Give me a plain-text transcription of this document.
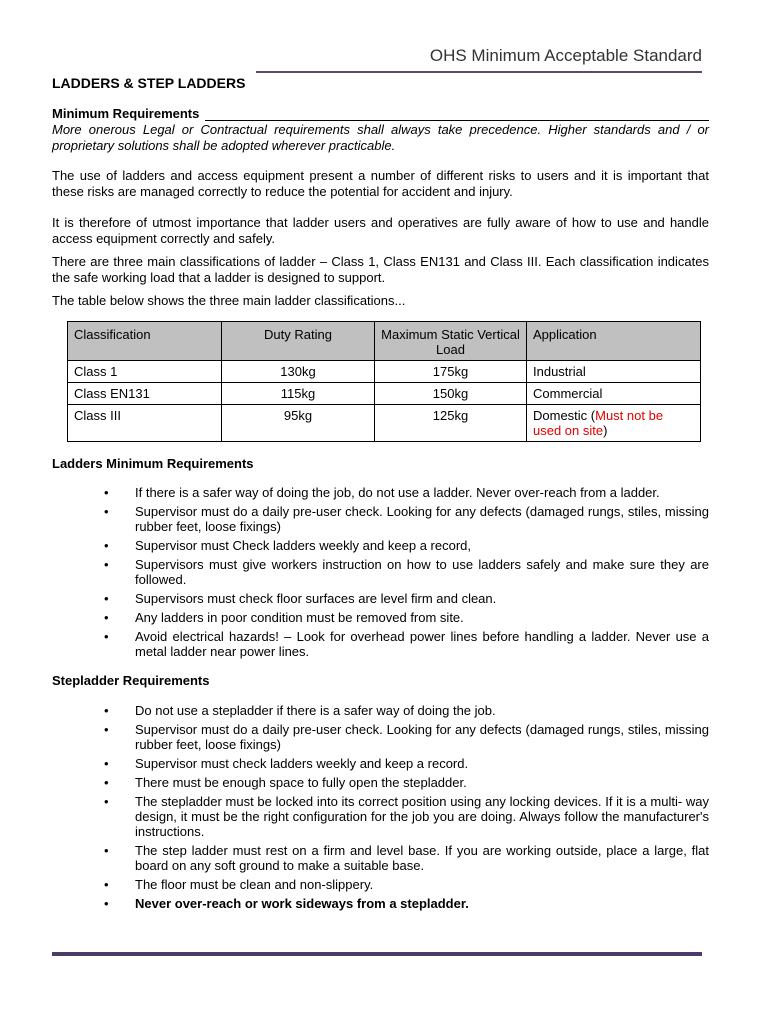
OHS Minimum Acceptable Standard
LADDERS & STEP LADDERS
Minimum Requirements

More onerous Legal or Contractual requirements shall always take precedence. Higher standards and / or proprietary solutions shall be adopted wherever practicable.

The use of ladders and access equipment present a number of different risks to users and it is important that these risks are managed correctly to reduce the potential for accident and injury.

It is therefore of utmost importance that ladder users and operatives are fully aware of how to use and handle access equipment correctly and safely.

There are three main classifications of ladder – Class 1, Class EN131 and Class III. Each classification indicates the safe working load that a ladder is designed to support.

The table below shows the three main ladder classifications...

Classification	Duty Rating	Maximum Static Vertical Load	Application
Class 1	130kg	175kg	Industrial
Class EN131	115kg	150kg	Commercial
Class III	95kg	125kg	Domestic (Must not be used on site)
Ladders Minimum Requirements
• If there is a safer way of doing the job, do not use a ladder. Never over-reach from a ladder.
• Supervisor must do a daily pre-user check. Looking for any defects (damaged rungs, stiles, missing rubber feet, loose fixings)
• Supervisor must Check ladders weekly and keep a record,
• Supervisors must give workers instruction on how to use ladders safely and make sure they are followed.
• Supervisors must check floor surfaces are level firm and clean.
• Any ladders in poor condition must be removed from site.
• Avoid electrical hazards! – Look for overhead power lines before handling a ladder. Never use a metal ladder near power lines.
Stepladder Requirements
• Do not use a stepladder if there is a safer way of doing the job.
• Supervisor must do a daily pre-user check. Looking for any defects (damaged rungs, stiles, missing rubber feet, loose fixings)
• Supervisor must check ladders weekly and keep a record.
• There must be enough space to fully open the stepladder.
• The stepladder must be locked into its correct position using any locking devices. If it is a multi- way design, it must be the right configuration for the job you are doing. Always follow the manufacturer's instructions.
• The step ladder must rest on a firm and level base. If you are working outside, place a large, flat board on any soft ground to make a suitable base.
• The floor must be clean and non-slippery.
• Never over-reach or work sideways from a stepladder.
